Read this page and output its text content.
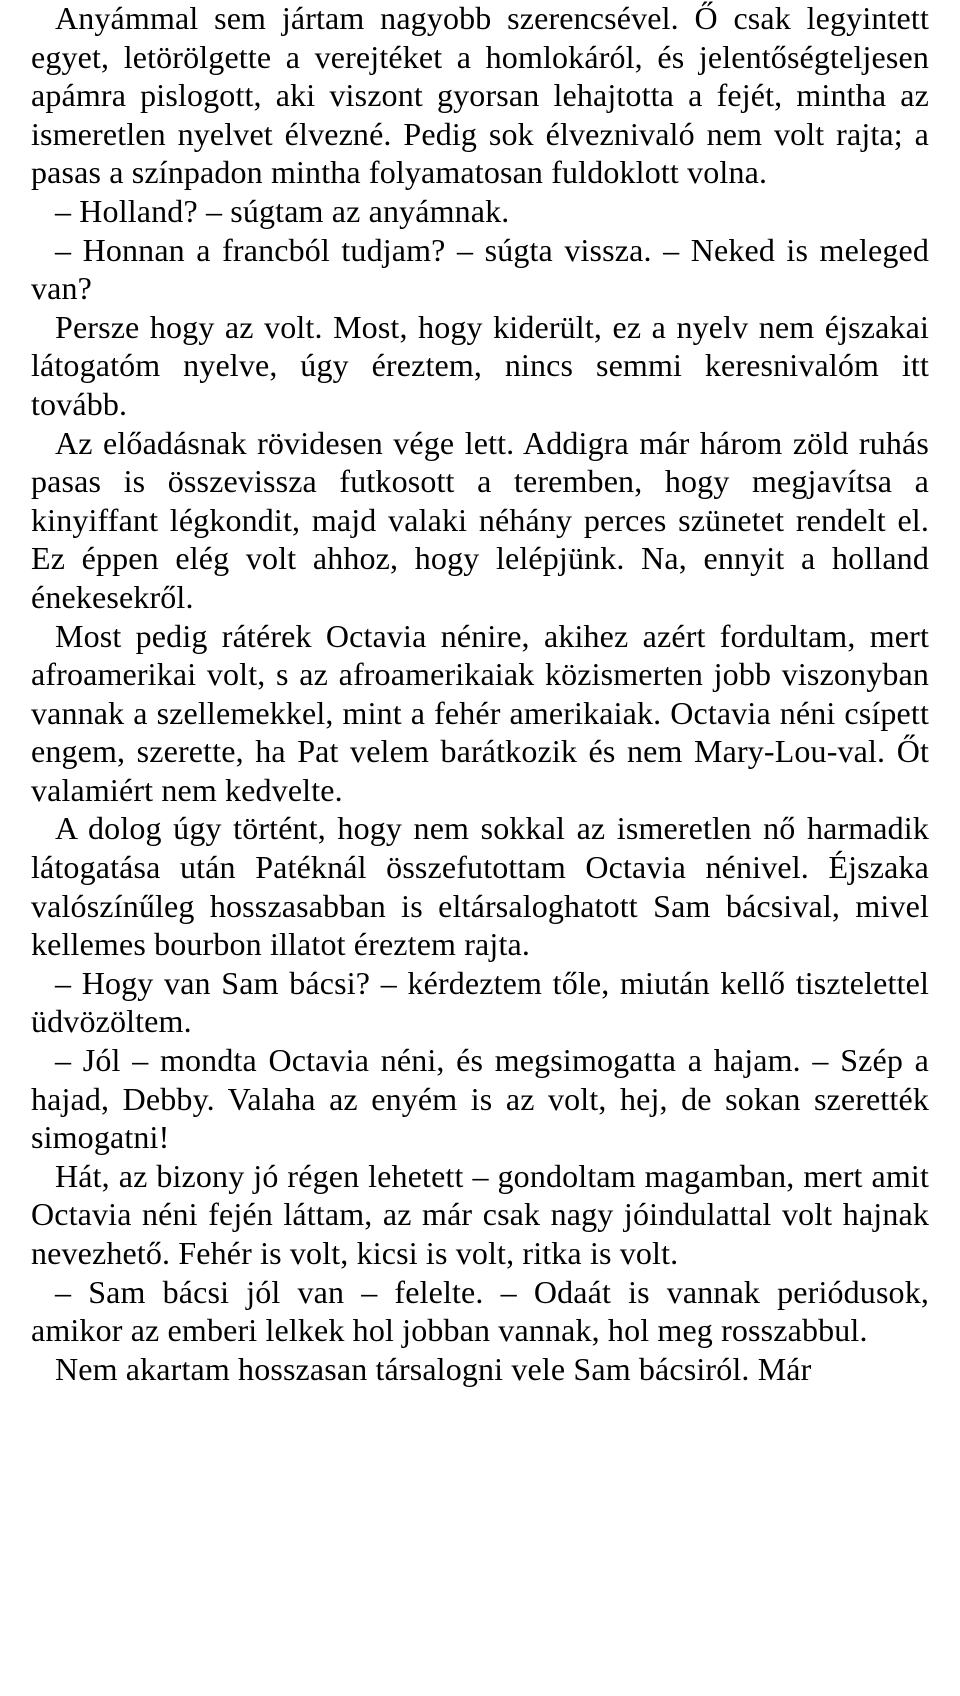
Anyámmal sem jártam nagyobb szerencsével. Ő csak legyintett egyet, letörölgette a verejtéket a homlokáról, és jelentőségteljesen apámra pislogott, aki viszont gyorsan lehajtotta a fejét, mintha az ismeretlen nyelvet élvezné. Pedig sok élveznivaló nem volt rajta; a pasas a színpadon mintha folyamatosan fuldoklott volna.

– Holland? – súgtam az anyámnak.

– Honnan a francból tudjam? – súgta vissza. – Neked is meleged van?

Persze hogy az volt. Most, hogy kiderült, ez a nyelv nem éjszakai látogatóm nyelve, úgy éreztem, nincs semmi keresnivalóm itt tovább.

Az előadásnak rövidesen vége lett. Addigra már három zöld ruhás pasas is összevissza futkosott a teremben, hogy megjavítsa a kinyiffant légkondit, majd valaki néhány perces szünetet rendelt el. Ez éppen elég volt ahhoz, hogy lelépjünk. Na, ennyit a holland énekesekről.

Most pedig rátérek Octavia nénire, akihez azért fordultam, mert afroamerikai volt, s az afroamerikaiak közismerten jobb viszonyban vannak a szellemekkel, mint a fehér amerikaiak. Octavia néni csípett engem, szerette, ha Pat velem barátkozik és nem Mary-Lou-val. Őt valamiért nem kedvelte.

A dolog úgy történt, hogy nem sokkal az ismeretlen nő harmadik látogatása után Patéknál összefutottam Octavia nénivel. Éjszaka valószínűleg hosszasabban is eltársaloghatott Sam bácsival, mivel kellemes bourbon illatot éreztem rajta.

– Hogy van Sam bácsi? – kérdeztem tőle, miután kellő tisztelettel üdvözöltem.

– Jól – mondta Octavia néni, és megsimogatta a hajam. – Szép a hajad, Debby. Valaha az enyém is az volt, hej, de sokan szerették simogatni!

Hát, az bizony jó régen lehetett – gondoltam magamban, mert amit Octavia néni fején láttam, az már csak nagy jóindulattal volt hajnak nevezhető. Fehér is volt, kicsi is volt, ritka is volt.

– Sam bácsi jól van – felelte. – Odaát is vannak periódusok, amikor az emberi lelkek hol jobban vannak, hol meg rosszabbul.

Nem akartam hosszasan társalogni vele Sam bácsiról. Már
